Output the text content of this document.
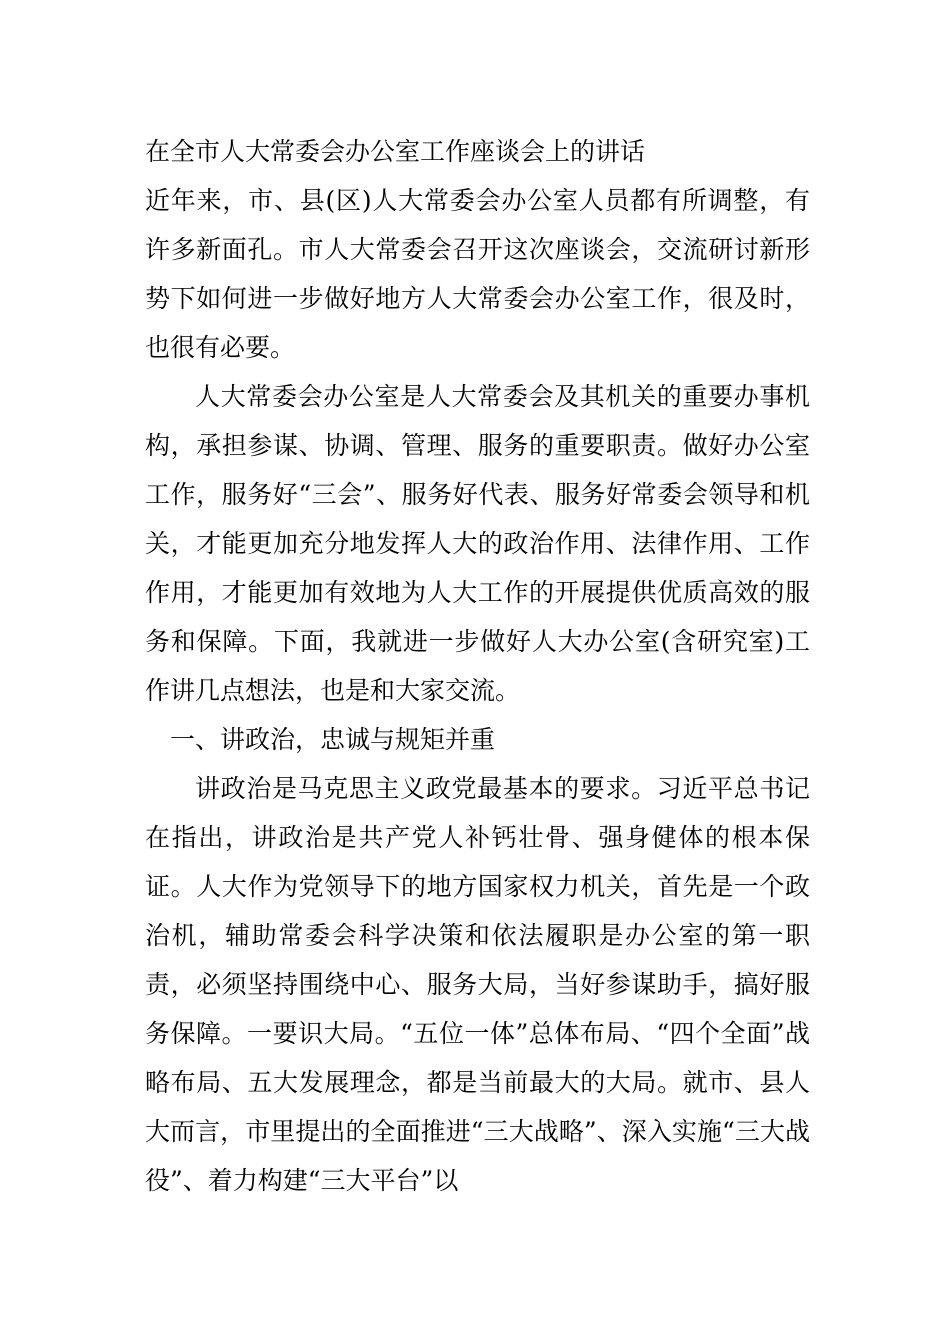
在全市人大常委会办公室工作座谈会上的讲话

近年来，市、县(区)人大常委会办公室人员都有所调整，有许多新面孔。市人大常委会召开这次座谈会，交流研讨新形势下如何进一步做好地方人大常委会办公室工作，很及时，也很有必要。

人大常委会办公室是人大常委会及其机关的重要办事机构，承担参谋、协调、管理、服务的重要职责。做好办公室工作，服务好“三会”、服务好代表、服务好常委会领导和机关，才能更加充分地发挥人大的政治作用、法律作用、工作作用，才能更加有效地为人大工作的开展提供优质高效的服务和保障。下面，我就进一步做好人大办公室(含研究室)工作讲几点想法，也是和大家交流。

一、讲政治，忠诚与规矩并重

讲政治是马克思主义政党最基本的要求。习近平总书记在指出，讲政治是共产党人补钙壮骨、强身健体的根本保证。人大作为党领导下的地方国家权力机关，首先是一个政治机，辅助常委会科学决策和依法履职是办公室的第一职责，必须坚持围绕中心、服务大局，当好参谋助手，搞好服务保障。一要识大局。“五位一体”总体布局、“四个全面”战略布局、五大发展理念，都是当前最大的大局。就市、县人大而言，市里提出的全面推进“三大战略”、深入实施“三大战役”、着力构建“三大平台”以
